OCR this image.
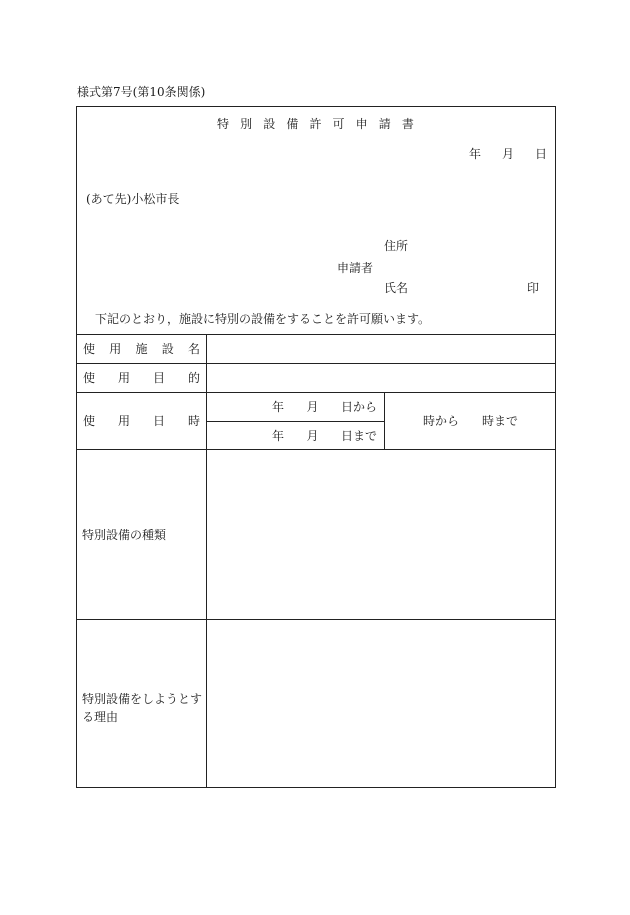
様式第7号(第10条関係)
特 別 設 備 許 可 申 請 書
年 月 日
(あて先)小松市長
住所
申請者
氏名	印
下記のとおり，施設に特別の設備をすることを許可願います。
使 用 施 設 名
使 用 目 的
使 用 日 時
年 月 日から
年 月 日まで
時から 時まで
特別設備の種類
特別設備をしようとする理由
